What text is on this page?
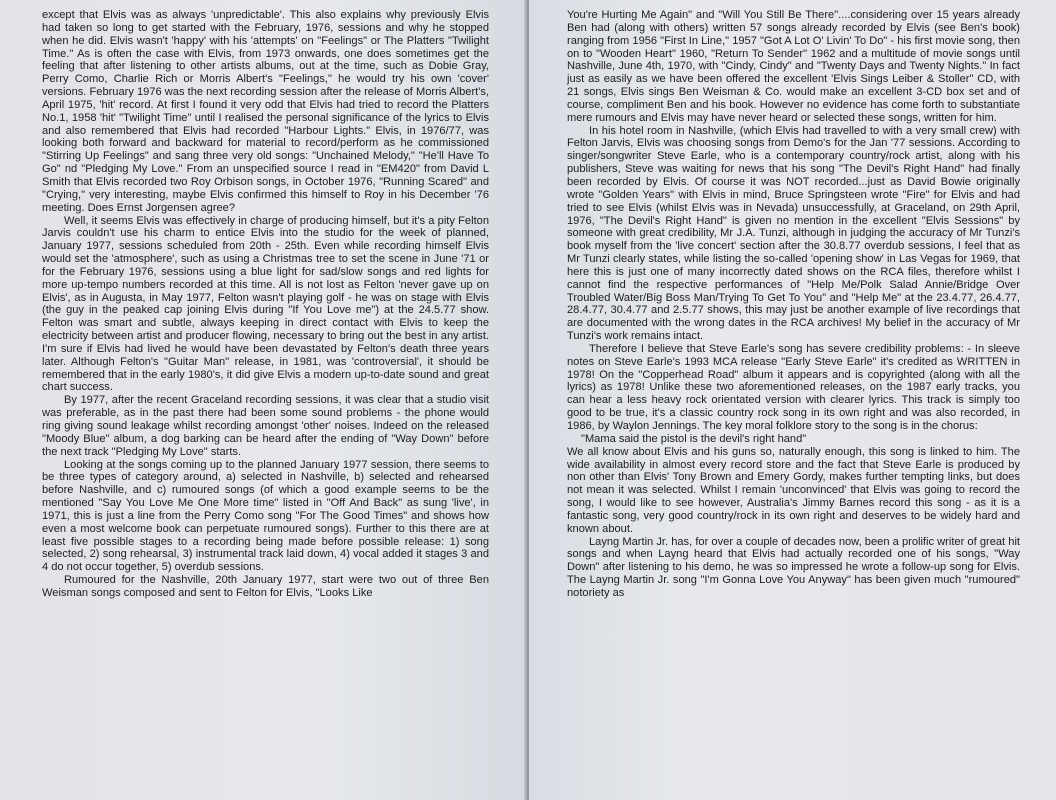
except that Elvis was as always 'unpredictable'. This also explains why previously Elvis had taken so long to get started with the February, 1976, sessions and why he stopped when he did. Elvis wasn't 'happy' with his 'attempts' on "Feelings" or The Platters "Twilight Time." As is often the case with Elvis, from 1973 onwards, one does sometimes get the feeling that after listening to other artists albums, out at the time, such as Dobie Gray, Perry Como, Charlie Rich or Morris Albert's "Feelings," he would try his own 'cover' versions. February 1976 was the next recording session after the release of Morris Albert's, April 1975, 'hit' record. At first I found it very odd that Elvis had tried to record the Platters No.1, 1958 'hit' "Twilight Time" until I realised the personal significance of the lyrics to Elvis and also remembered that Elvis had recorded "Harbour Lights." Elvis, in 1976/77, was looking both forward and backward for material to record/perform as he commissioned "Stirring Up Feelings" and sang three very old songs: "Unchained Melody," "He'll Have To Go" nd "Pledging My Love." From an unspecified source I read in "EM420" from David L Smith that Elvis recorded two Roy Orbison songs, in October 1976, "Running Scared" and "Crying," very interesting, maybe Elvis confirmed this himself to Roy in his December '76 meeting. Does Ernst Jorgensen agree?

Well, it seems Elvis was effectively in charge of producing himself, but it's a pity Felton Jarvis couldn't use his charm to entice Elvis into the studio for the week of planned, January 1977, sessions scheduled from 20th - 25th. Even while recording himself Elvis would set the 'atmosphere', such as using a Christmas tree to set the scene in June '71 or for the February 1976, sessions using a blue light for sad/slow songs and red lights for more up-tempo numbers recorded at this time. All is not lost as Felton 'never gave up on Elvis', as in Augusta, in May 1977, Felton wasn't playing golf - he was on stage with Elvis (the guy in the peaked cap joining Elvis during "If You Love me") at the 24.5.77 show. Felton was smart and subtle, always keeping in direct contact with Elvis to keep the electricity between artist and producer flowing, necessary to bring out the best in any artist. I'm sure if Elvis had lived he would have been devastated by Felton's death three years later. Although Felton's "Guitar Man" release, in 1981, was 'controversial', it should be remembered that in the early 1980's, it did give Elvis a modern up-to-date sound and great chart success.

By 1977, after the recent Graceland recording sessions, it was clear that a studio visit was preferable, as in the past there had been some sound problems - the phone would ring giving sound leakage whilst recording amongst 'other' noises. Indeed on the released "Moody Blue" album, a dog barking can be heard after the ending of "Way Down" before the next track "Pledging My Love" starts.

Looking at the songs coming up to the planned January 1977 session, there seems to be three types of category around, a) selected in Nashville, b) selected and rehearsed before Nashville, and c) rumoured songs (of which a good example seems to be the mentioned "Say You Love Me One More time" listed in "Off And Back" as sung 'live', in 1971, this is just a line from the Perry Como song "For The Good Times" and shows how even a most welcome book can perpetuate rumoured songs). Further to this there are at least five possible stages to a recording being made before possible release: 1) song selected, 2) song rehearsal, 3) instrumental track laid down, 4) vocal added it stages 3 and 4 do not occur together, 5) overdub sessions.

Rumoured for the Nashville, 20th January 1977, start were two out of three Ben Weisman songs composed and sent to Felton for Elvis, "Looks Like

You're Hurting Me Again" and "Will You Still Be There"....considering over 15 years already Ben had (along with others) written 57 songs already recorded by Elvis (see Ben's book) ranging from 1956 "First In Line," 1957 "Got A Lot O' Livin' To Do" - his first movie song, then on to "Wooden Heart" 1960, "Return To Sender" 1962 and a multitude of movie songs until Nashville, June 4th, 1970, with "Cindy, Cindy" and "Twenty Days and Twenty Nights." In fact just as easily as we have been offered the excellent 'Elvis Sings Leiber & Stoller" CD, with 21 songs, Elvis sings Ben Weisman & Co. would make an excellent 3-CD box set and of course, compliment Ben and his book. However no evidence has come forth to substantiate mere rumours and Elvis may have never heard or selected these songs, written for him.

In his hotel room in Nashville, (which Elvis had travelled to with a very small crew) with Felton Jarvis, Elvis was choosing songs from Demo's for the Jan '77 sessions. According to singer/songwriter Steve Earle, who is a contemporary country/rock artist, along with his publishers, Steve was waiting for news that his song "The Devil's Right Hand" had finally been recorded by Elvis. Of course it was NOT recorded...just as David Bowie originally wrote "Golden Years" with Elvis in mind, Bruce Springsteen wrote "Fire" for Elvis and had tried to see Elvis (whilst Elvis was in Nevada) unsuccessfully, at Graceland, on 29th April, 1976, "The Devil's Right Hand" is given no mention in the excellent "Elvis Sessions" by someone with great credibility, Mr J.A. Tunzi, although in judging the accuracy of Mr Tunzi's book myself from the 'live concert' section after the 30.8.77 overdub sessions, I feel that as Mr Tunzi clearly states, while listing the so-called 'opening show' in Las Vegas for 1969, that here this is just one of many incorrectly dated shows on the RCA files, therefore whilst I cannot find the respective performances of "Help Me/Polk Salad Annie/Bridge Over Troubled Water/Big Boss Man/Trying To Get To You" and "Help Me" at the 23.4.77, 26.4.77, 28.4.77, 30.4.77 and 2.5.77 shows, this may just be another example of live recordings that are documented with the wrong dates in the RCA archives! My belief in the accuracy of Mr Tunzi's work remains intact.

Therefore I believe that Steve Earle's song has severe credibility problems: - In sleeve notes on Steve Earle's 1993 MCA release "Early Steve Earle" it's credited as WRITTEN in 1978! On the "Copperhead Road" album it appears and is copyrighted (along with all the lyrics) as 1978! Unlike these two aforementioned releases, on the 1987 early tracks, you can hear a less heavy rock orientated version with clearer lyrics. This track is simply too good to be true, it's a classic country rock song in its own right and was also recorded, in 1986, by Waylon Jennings. The key moral folklore story to the song is in the chorus:

"Mama said the pistol is the devil's right hand"

We all know about Elvis and his guns so, naturally enough, this song is linked to him. The wide availability in almost every record store and the fact that Steve Earle is produced by non other than Elvis' Tony Brown and Emery Gordy, makes further tempting links, but does not mean it was selected. Whilst I remain 'unconvinced' that Elvis was going to record the song, I would like to see however, Australia's Jimmy Barnes record this song - as it is a fantastic song, very good country/rock in its own right and deserves to be widely hard and known about.

Layng Martin Jr. has, for over a couple of decades now, been a prolific writer of great hit songs and when Layng heard that Elvis had actually recorded one of his songs, "Way Down" after listening to his demo, he was so impressed he wrote a follow-up song for Elvis. The Layng Martin Jr. song "I'm Gonna Love You Anyway" has been given much "rumoured" notoriety as
